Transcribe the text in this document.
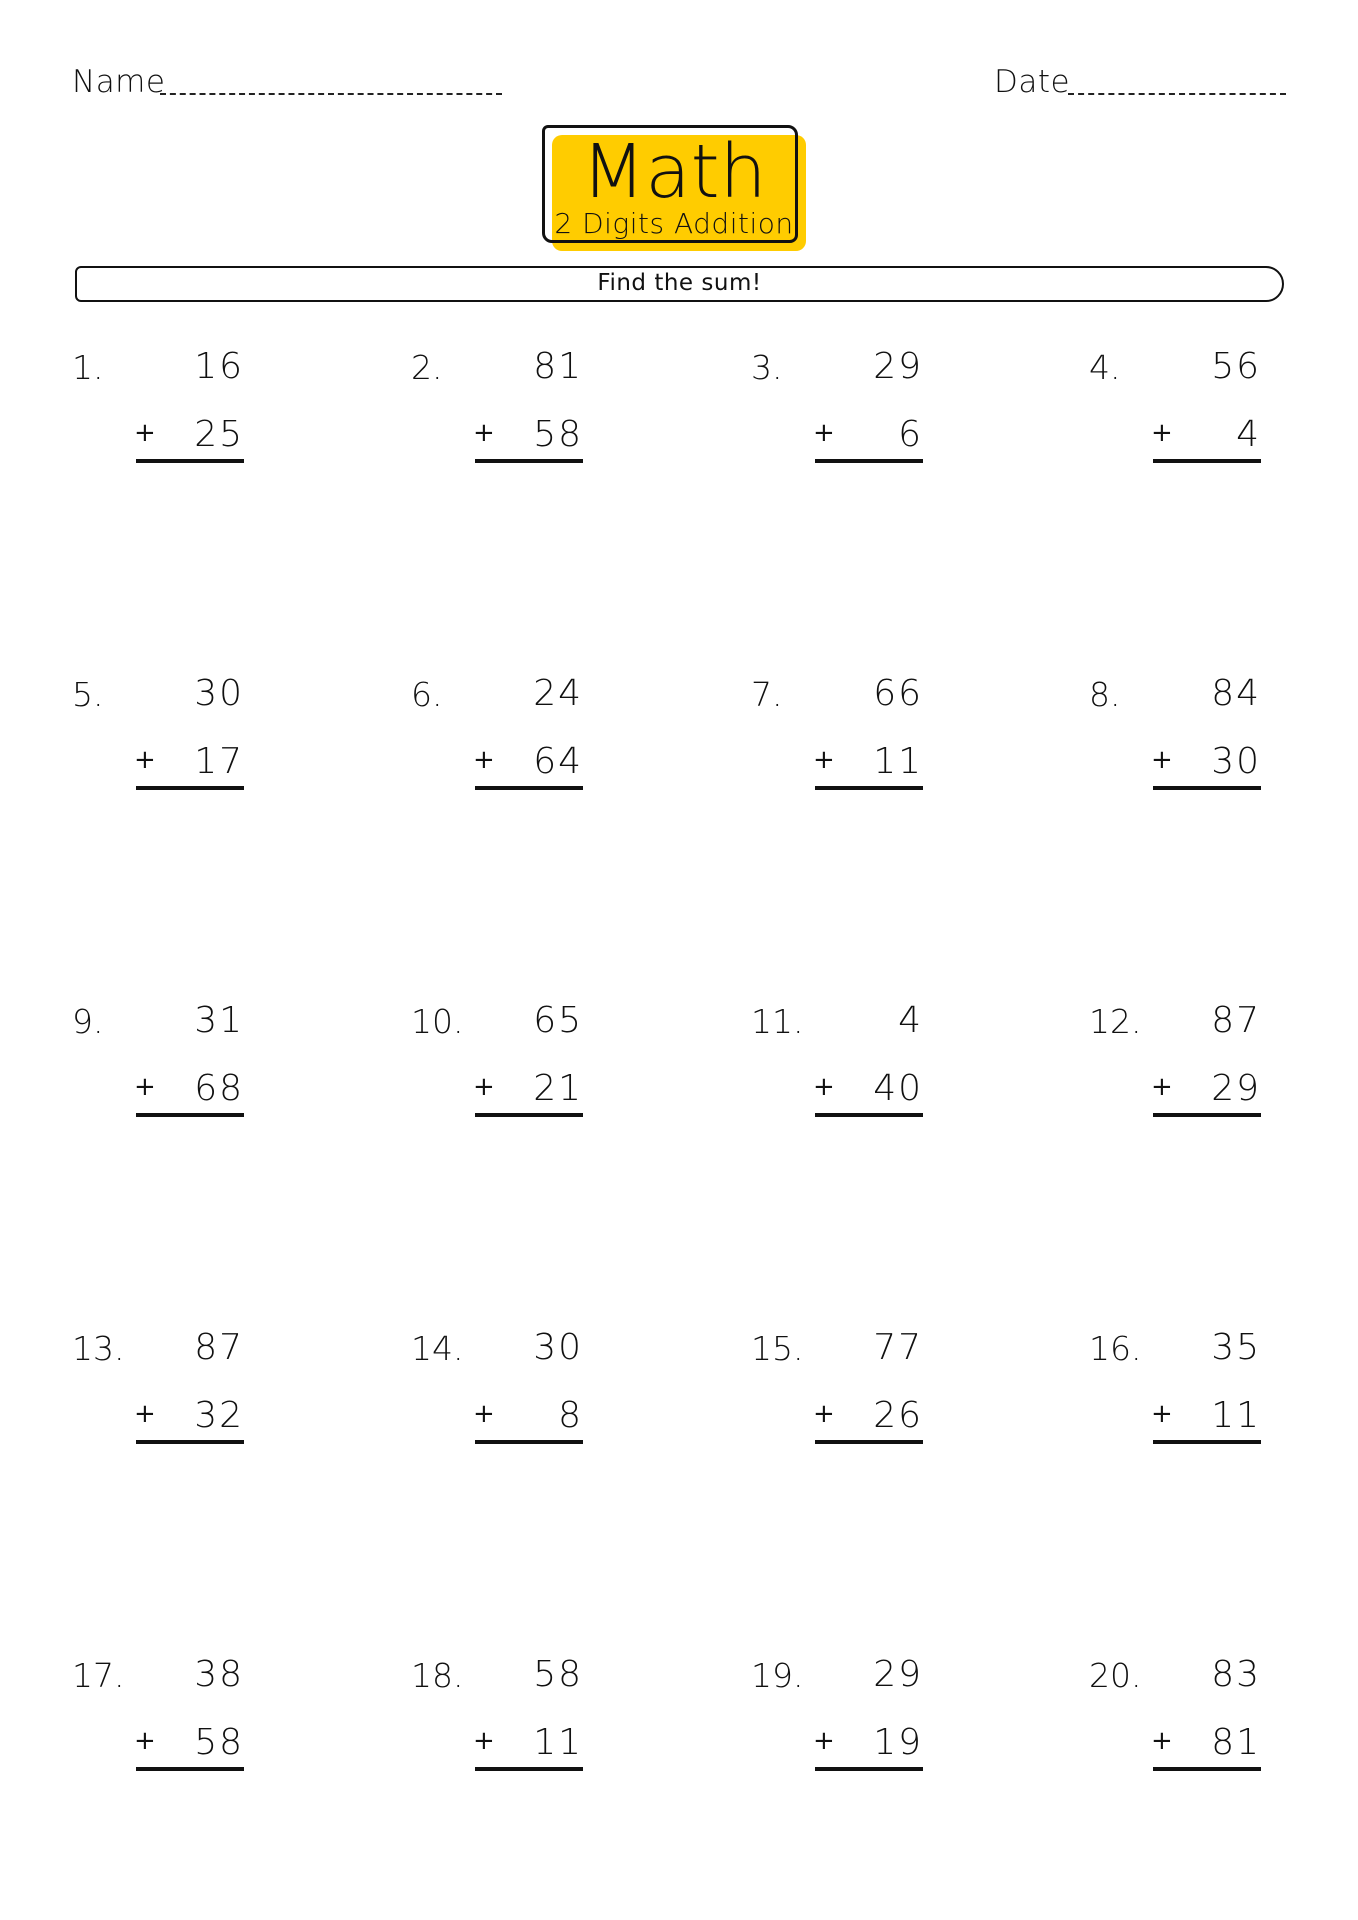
Name	Date
Math
2 Digits Addition
Find the sum!
1.	16
+ 25
2.	81
+ 58
3.	29
+	6
4.	56
+	4
5.	30
+ 17
6.	24
+ 64
7.	66
+ 11
8.	84
+ 30
9.	31
+ 68
10. 65
+ 21
11.	4
+ 40
12. 87
+ 29
13. 87
+ 32
14. 30
+	8
15. 77
+ 26
16. 35
+ 11
17. 38
+ 58
18. 58
+ 11
19. 29
+ 19
20. 83
+ 81
